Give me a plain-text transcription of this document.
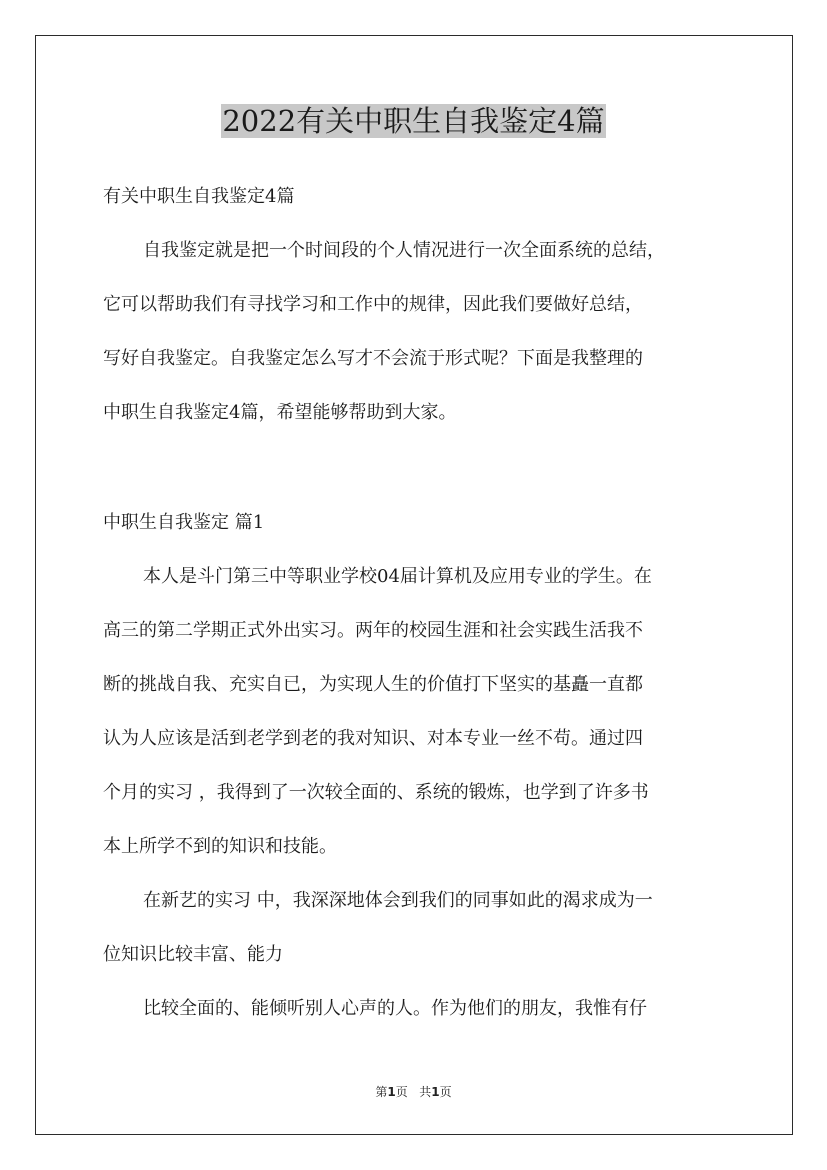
2022有关中职生自我鉴定4篇
有关中职生自我鉴定4篇
自我鉴定就是把一个时间段的个人情况进行一次全面系统的总结，
它可以帮助我们有寻找学习和工作中的规律，因此我们要做好总结，
写好自我鉴定。自我鉴定怎么写才不会流于形式呢？下面是我整理的
中职生自我鉴定4篇，希望能够帮助到大家。
中职生自我鉴定 篇1
本人是斗门第三中等职业学校04届计算机及应用专业的学生。在
高三的第二学期正式外出实习。两年的校园生涯和社会实践生活我不
断的挑战自我、充实自已，为实现人生的价值打下坚实的基矗一直都
认为人应该是活到老学到老的我对知识、对本专业一丝不苟。通过四
个月的实习 ，我得到了一次较全面的、系统的锻炼，也学到了许多书
本上所学不到的知识和技能。
在新艺的实习 中，我深深地体会到我们的同事如此的渴求成为一
位知识比较丰富、能力
比较全面的、能倾听别人心声的人。作为他们的朋友，我惟有仔
第1页 共1页
